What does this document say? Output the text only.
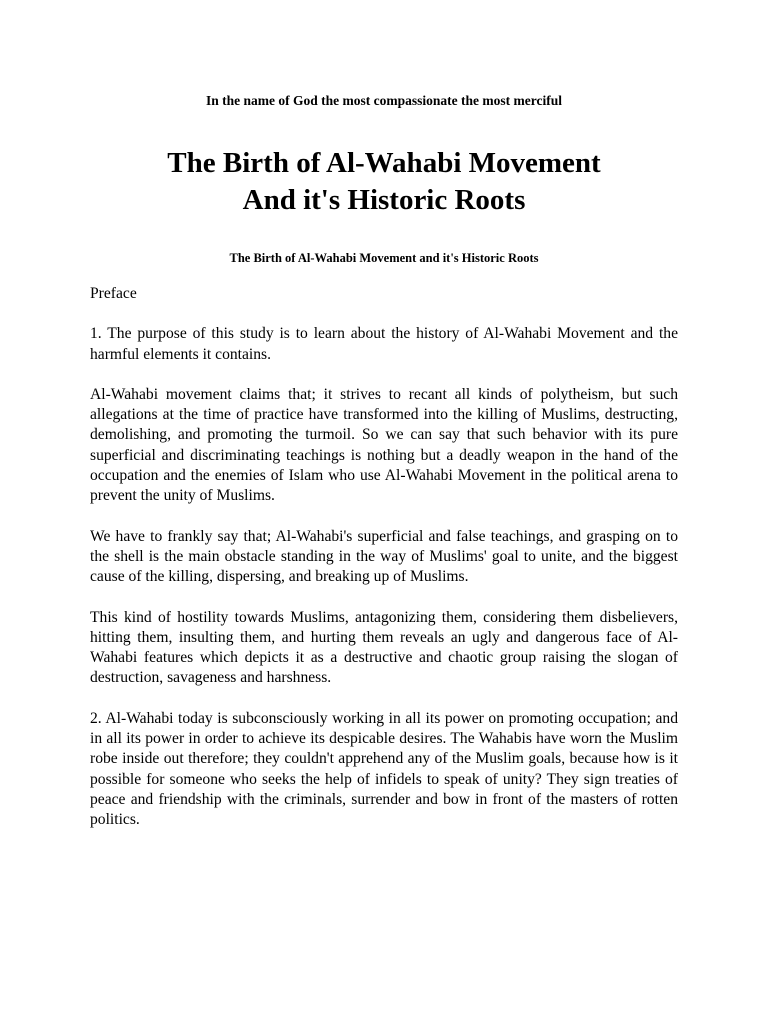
In the name of God the most compassionate the most merciful
The Birth of Al-Wahabi Movement
And it's Historic Roots
The Birth of Al-Wahabi Movement and it's Historic Roots

Preface

1. The purpose of this study is to learn about the history of Al-Wahabi Movement and the harmful elements it contains.

Al-Wahabi movement claims that; it strives to recant all kinds of polytheism, but such allegations at the time of practice have transformed into the killing of Muslims, destructing, demolishing, and promoting the turmoil. So we can say that such behavior with its pure superficial and discriminating teachings is nothing but a deadly weapon in the hand of the occupation and the enemies of Islam who use Al-Wahabi Movement in the political arena to prevent the unity of Muslims.

We have to frankly say that; Al-Wahabi's superficial and false teachings, and grasping on to the shell is the main obstacle standing in the way of Muslims' goal to unite, and the biggest cause of the killing, dispersing, and breaking up of Muslims.

This kind of hostility towards Muslims, antagonizing them, considering them disbelievers, hitting them, insulting them, and hurting them reveals an ugly and dangerous face of Al-Wahabi features which depicts it as a destructive and chaotic group raising the slogan of destruction, savageness and harshness.

2. Al-Wahabi today is subconsciously working in all its power on promoting occupation; and in all its power in order to achieve its despicable desires. The Wahabis have worn the Muslim robe inside out therefore; they couldn't apprehend any of the Muslim goals, because how is it possible for someone who seeks the help of infidels to speak of unity? They sign treaties of peace and friendship with the criminals, surrender and bow in front of the masters of rotten politics.
